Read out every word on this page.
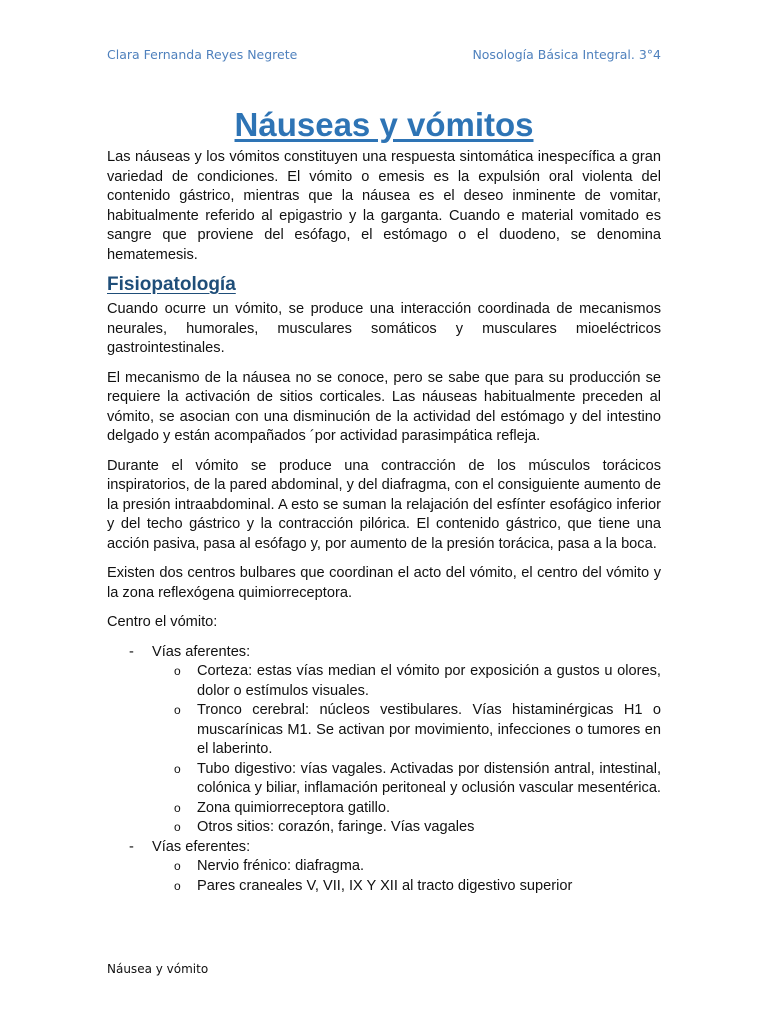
Clara Fernanda Reyes Negrete	Nosología Básica Integral. 3°4
Náuseas y vómitos

Las náuseas y los vómitos constituyen una respuesta sintomática inespecífica a gran variedad de condiciones. El vómito o emesis es la expulsión oral violenta del contenido gástrico, mientras que la náusea es el deseo inminente de vomitar, habitualmente referido al epigastrio y la garganta. Cuando e material vomitado es sangre que proviene del esófago, el estómago o el duodeno, se denomina hematemesis.

Fisiopatología

Cuando ocurre un vómito, se produce una interacción coordinada de mecanismos neurales, humorales, musculares somáticos y musculares mioeléctricos gastrointestinales.

El mecanismo de la náusea no se conoce, pero se sabe que para su producción se requiere la activación de sitios corticales. Las náuseas habitualmente preceden al vómito, se asocian con una disminución de la actividad del estómago y del intestino delgado y están acompañados ´por actividad parasimpática refleja.

Durante el vómito se produce una contracción de los músculos torácicos inspiratorios, de la pared abdominal, y del diafragma, con el consiguiente aumento de la presión intraabdominal. A esto se suman la relajación del esfínter esofágico inferior y del techo gástrico y la contracción pilórica. El contenido gástrico, que tiene una acción pasiva, pasa al esófago y, por aumento de la presión torácica, pasa a la boca.

Existen dos centros bulbares que coordinan el acto del vómito, el centro del vómito y la zona reflexógena quimiorreceptora.

Centro el vómito:

- Vías aferentes:
o Corteza: estas vías median el vómito por exposición a gustos u olores, dolor o estímulos visuales.
o Tronco cerebral: núcleos vestibulares. Vías histaminérgicas H1 o muscarínicas M1. Se activan por movimiento, infecciones o tumores en el laberinto.
o Tubo digestivo: vías vagales. Activadas por distensión antral, intestinal, colónica y biliar, inflamación peritoneal y oclusión vascular mesentérica.
o Zona quimiorreceptora gatillo.
o Otros sitios: corazón, faringe. Vías vagales
- Vías eferentes:
o Nervio frénico: diafragma.
o Pares craneales V, VII, IX Y XII al tracto digestivo superior
Náusea y vómito
